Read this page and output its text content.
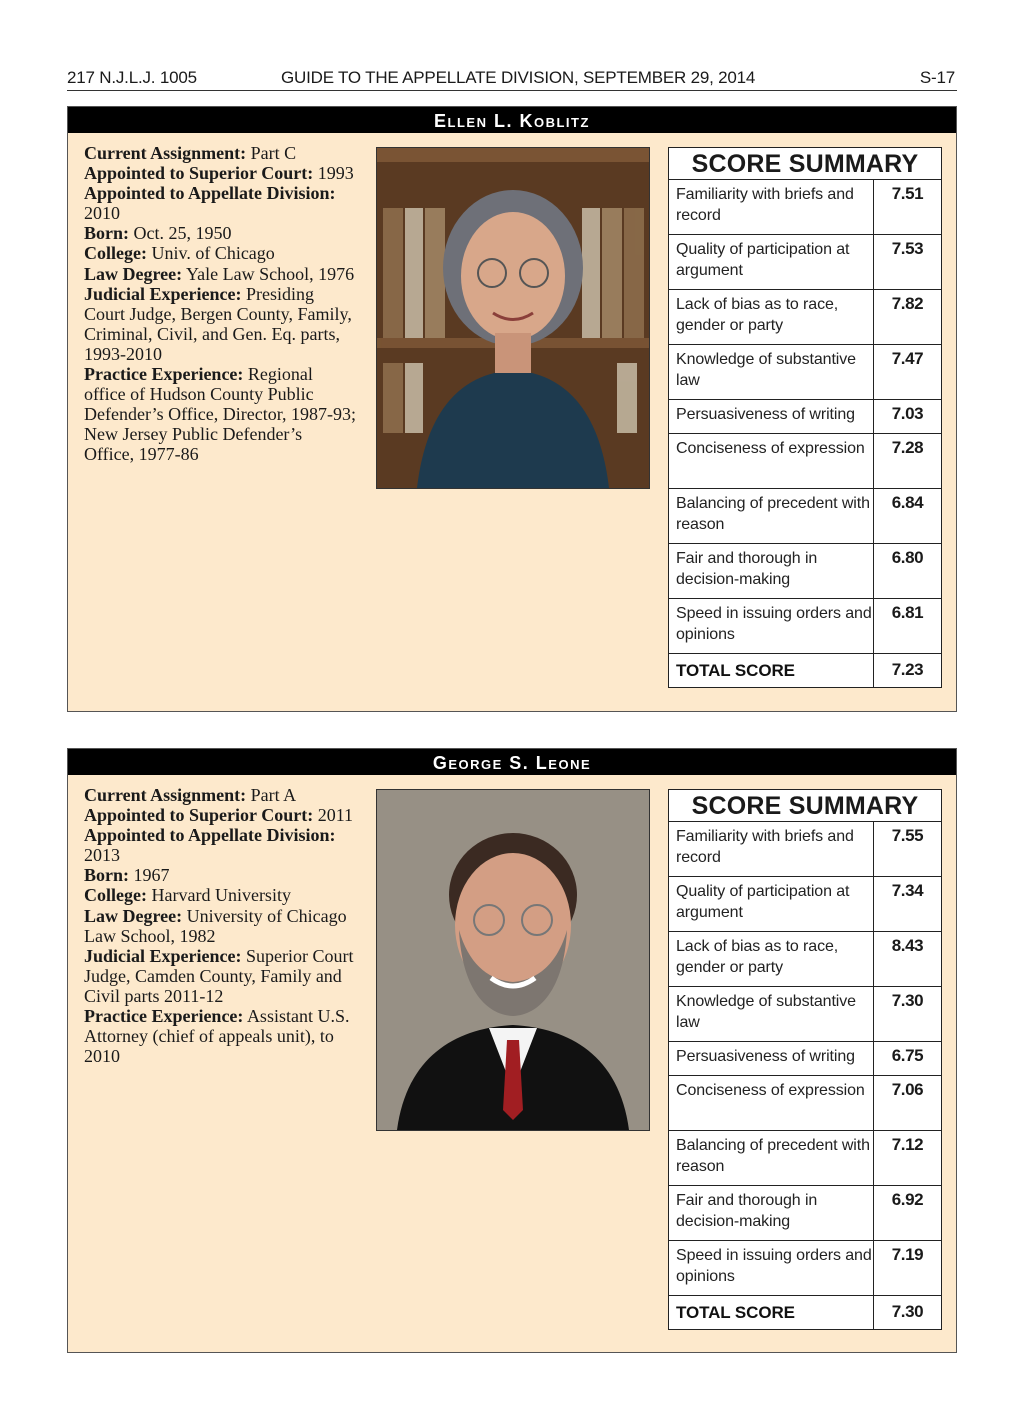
217 N.J.L.J. 1005	GUIDE TO THE APPELLATE DIVISION, SEPTEMBER 29, 2014	S-17
Ellen L. Koblitz

Current Assignment: Part C

Appointed to Superior Court: 1993

Appointed to Appellate Division: 2010

Born: Oct. 25, 1950

College: Univ. of Chicago

Law Degree: Yale Law School, 1976

Judicial Experience: Presiding Court Judge, Bergen County, Family, Criminal, Civil, and Gen. Eq. parts, 1993-2010

Practice Experience: Regional office of Hudson County Public Defender’s Office, Director, 1987-93; New Jersey Public Defender’s Office, 1977-86

SCORE SUMMARY
Familiarity with briefs and record
7.51
Quality of participation at argument
7.53
Lack of bias as to race, gender or party
7.82
Knowledge of substantive law
7.47
Persuasiveness of writing	7.03
Conciseness of expression	7.28
Balancing of precedent with reason
6.84
Fair and thorough in decision-making
6.80
Speed in issuing orders and opinions
6.81
TOTAL SCORE	7.23
George S. Leone

Current Assignment: Part A

Appointed to Superior Court: 2011

Appointed to Appellate Division: 2013

Born: 1967

College: Harvard University

Law Degree: University of Chicago Law School, 1982

Judicial Experience: Superior Court Judge, Camden County, Family and Civil parts 2011-12

Practice Experience: Assistant U.S. Attorney (chief of appeals unit), to 2010

SCORE SUMMARY
Familiarity with briefs and record
7.55
Quality of participation at argument
7.34
Lack of bias as to race, gender or party
8.43
Knowledge of substantive law
7.30
Persuasiveness of writing	6.75
Conciseness of expression	7.06
Balancing of precedent with reason
7.12
Fair and thorough in decision-making
6.92
Speed in issuing orders and opinions
7.19
TOTAL SCORE	7.30
